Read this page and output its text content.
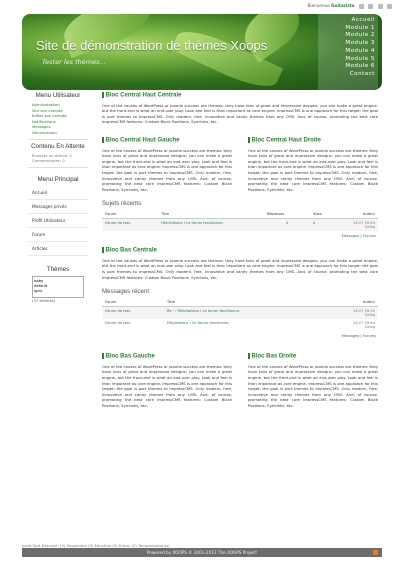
Bienvenue Guitarista
Site de démonstration de thèmes Xoops
Tester les thèmes...
Accueil
Module 1
Module 2
Module 3
Module 4
Module 5
Module 6
Contact
Menu Utilisateur
Administration
Voir son compte
Editer son compte
Notifications
Messages
Déconnexion
Contenu En Attente
Envoyer un Article: 0
Commentaires: 0
Menu Principal
Accueil
Messages privés
Profil Utilisateur
Forum
Articles
Thèmes
baby
default
Igrix
(37 thèmes)
Bloc Central Haut Centrale

One of the causes of WordPress or Joomla success are themes: they have tons of great and impressive designs; you can make a great engine, but the front-end is what an end-user play. Look and feel is than important as core engine. ImpressCMS is one approach for this target: the goal is port themes to ImpressCMS. Only modern, free, innovative and candy themes from any CMS. And, of course, promoting the best core ImpressCMS features: Custom Block Positions, Symlinks, etc.

Bloc Central Haut Gauche

One of the causes of WordPress or Joomla success are themes: they have tons of great and impressive designs; you can make a great engine, but the front-end is what an end-user play. Look and feel is than important as core engine. ImpressCMS is one approach for this target: the goal is port themes to ImpressCMS. Only modern, free, innovative and candy themes from any CMS. And, of course, promoting the best core ImpressCMS features: Custom Block Positions, Symlinks, etc.

Bloc Central Haut Droite

One of the causes of WordPress or Joomla success are themes: they have tons of great and impressive designs; you can make a great engine, but the front-end is what an end-user play. Look and feel is than important as core engine. ImpressCMS is one approach for this target: the goal is port themes to ImpressCMS. Only modern, free, innovative and candy themes from any CMS. And, of course, promoting the best core ImpressCMS features: Custom Block Positions, Symlinks, etc.

Sujets récents
Forum	Titre	Réponses	Vues	Auteur
Forum de test	Félicitations ! Le forum fonctionne.	1	2	14-07 09:44
Celag
Messages | Forums
Bloc Bas Centrale

One of the causes of WordPress or Joomla success are themes: they have tons of great and impressive designs; you can make a great engine, but the front-end is what an end-user play. Look and feel is than important as core engine. ImpressCMS is one approach for this target: the goal is port themes to ImpressCMS. Only modern, free, innovative and candy themes from any CMS. And, of course, promoting the best core ImpressCMS features: Custom Block Positions, Symlinks, etc.

Messages récent
Forum	Titre	Auteur
Forum de test	Re : : Félicitations ! Le forum fonctionne.	14-07 09:55
Celag

Forum de test	Félicitations ! Le forum fonctionne.	14-07 09:44
Celag
Messages | Forums
Bloc Bas Gauche

One of the causes of WordPress or Joomla success are themes: they have tons of great and impressive designs; you can make a great engine, but the front-end is what an end-user play. Look and feel is than important as core engine. ImpressCMS is one approach for this target: the goal is port themes to ImpressCMS. Only modern, free, innovative and candy themes from any CMS. And, of course, promoting the best core ImpressCMS features: Custom Block Positions, Symlinks, etc.

Bloc Bas Droite

One of the causes of WordPress or Joomla success are themes: they have tons of great and impressive designs; you can make a great engine, but the front-end is what an end-user play. Look and feel is than important as core engine. ImpressCMS is one approach for this target: the goal is port themes to ImpressCMS. Only modern, free, innovative and candy themes from any CMS. And, of course, promoting the best core ImpressCMS features: Custom Block Positions, Symlinks, etc.

Juste Tout Ensuivie: (0) Sequential (0) Eduction (0) Extra: (3) Temporisation(s)
Powered by XOOPS © 2001-2013 The XOOPS Project
